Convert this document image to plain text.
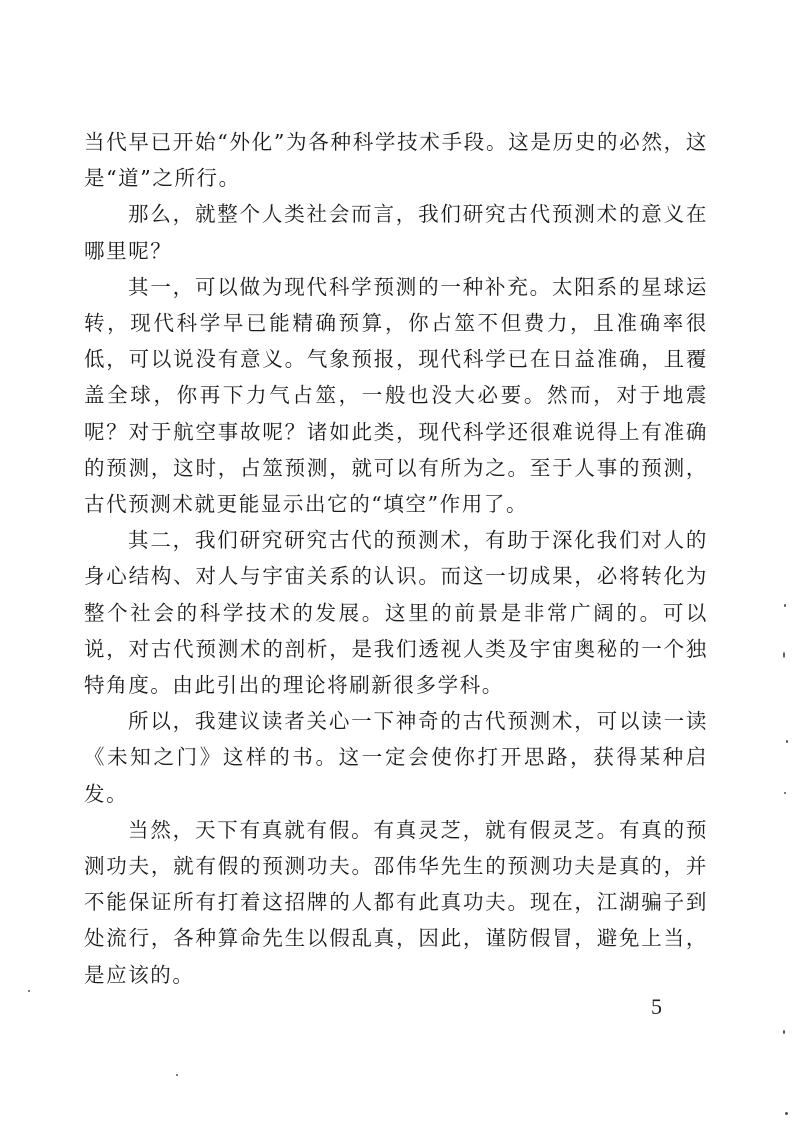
当代早已开始“外化”为各种科学技术手段。这是历史的必然，这是“道”之所行。

那么，就整个人类社会而言，我们研究古代预测术的意义在哪里呢？

其一，可以做为现代科学预测的一种补充。太阳系的星球运转，现代科学早已能精确预算，你占筮不但费力，且准确率很低，可以说没有意义。气象预报，现代科学已在日益准确，且覆盖全球，你再下力气占筮，一般也没大必要。然而，对于地震呢？对于航空事故呢？诸如此类，现代科学还很难说得上有准确的预测，这时，占筮预测，就可以有所为之。至于人事的预测，古代预测术就更能显示出它的“填空”作用了。

其二，我们研究研究古代的预测术，有助于深化我们对人的身心结构、对人与宇宙关系的认识。而这一切成果，必将转化为整个社会的科学技术的发展。这里的前景是非常广阔的。可以说，对古代预测术的剖析，是我们透视人类及宇宙奥秘的一个独特角度。由此引出的理论将刷新很多学科。

所以，我建议读者关心一下神奇的古代预测术，可以读一读《未知之门》这样的书。这一定会使你打开思路，获得某种启发。

当然，天下有真就有假。有真灵芝，就有假灵芝。有真的预测功夫，就有假的预测功夫。邵伟华先生的预测功夫是真的，并不能保证所有打着这招牌的人都有此真功夫。现在，江湖骗子到处流行，各种算命先生以假乱真，因此，谨防假冒，避免上当，是应该的。

5
